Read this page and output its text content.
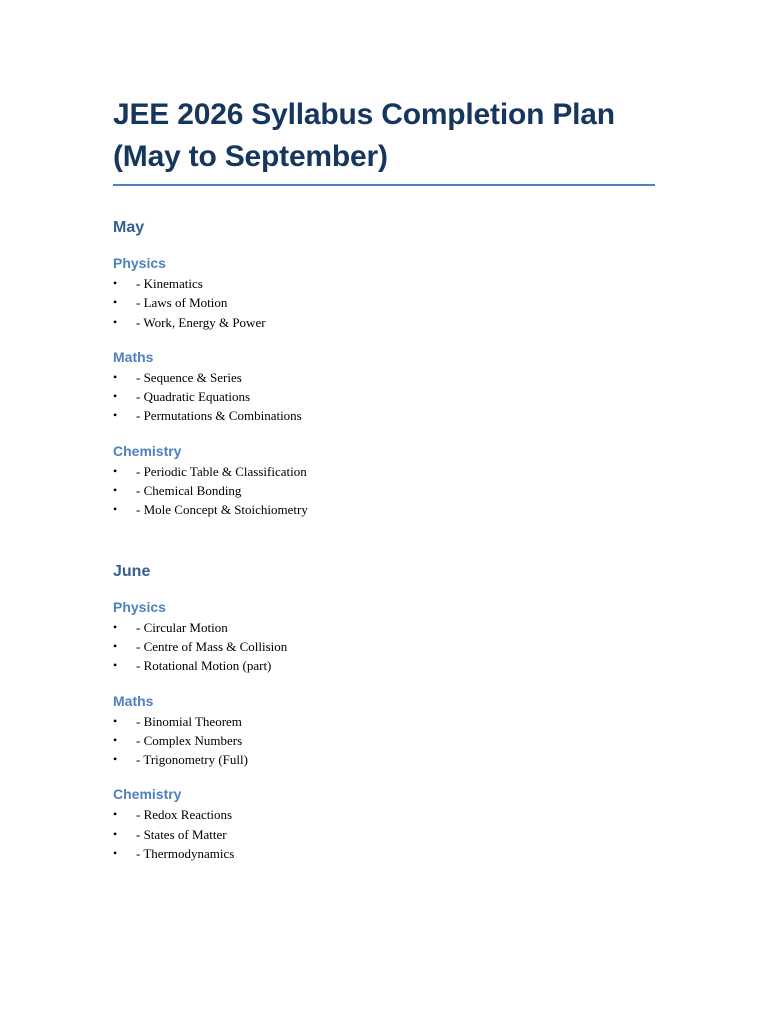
JEE 2026 Syllabus Completion Plan
(May to September)
May
Physics
• - Kinematics
• - Laws of Motion
• - Work, Energy & Power
Maths
• - Sequence & Series
• - Quadratic Equations
• - Permutations & Combinations
Chemistry
• - Periodic Table & Classification
• - Chemical Bonding
• - Mole Concept & Stoichiometry
June
Physics
• - Circular Motion
• - Centre of Mass & Collision
• - Rotational Motion (part)
Maths
• - Binomial Theorem
• - Complex Numbers
• - Trigonometry (Full)
Chemistry
• - Redox Reactions
• - States of Matter
• - Thermodynamics
